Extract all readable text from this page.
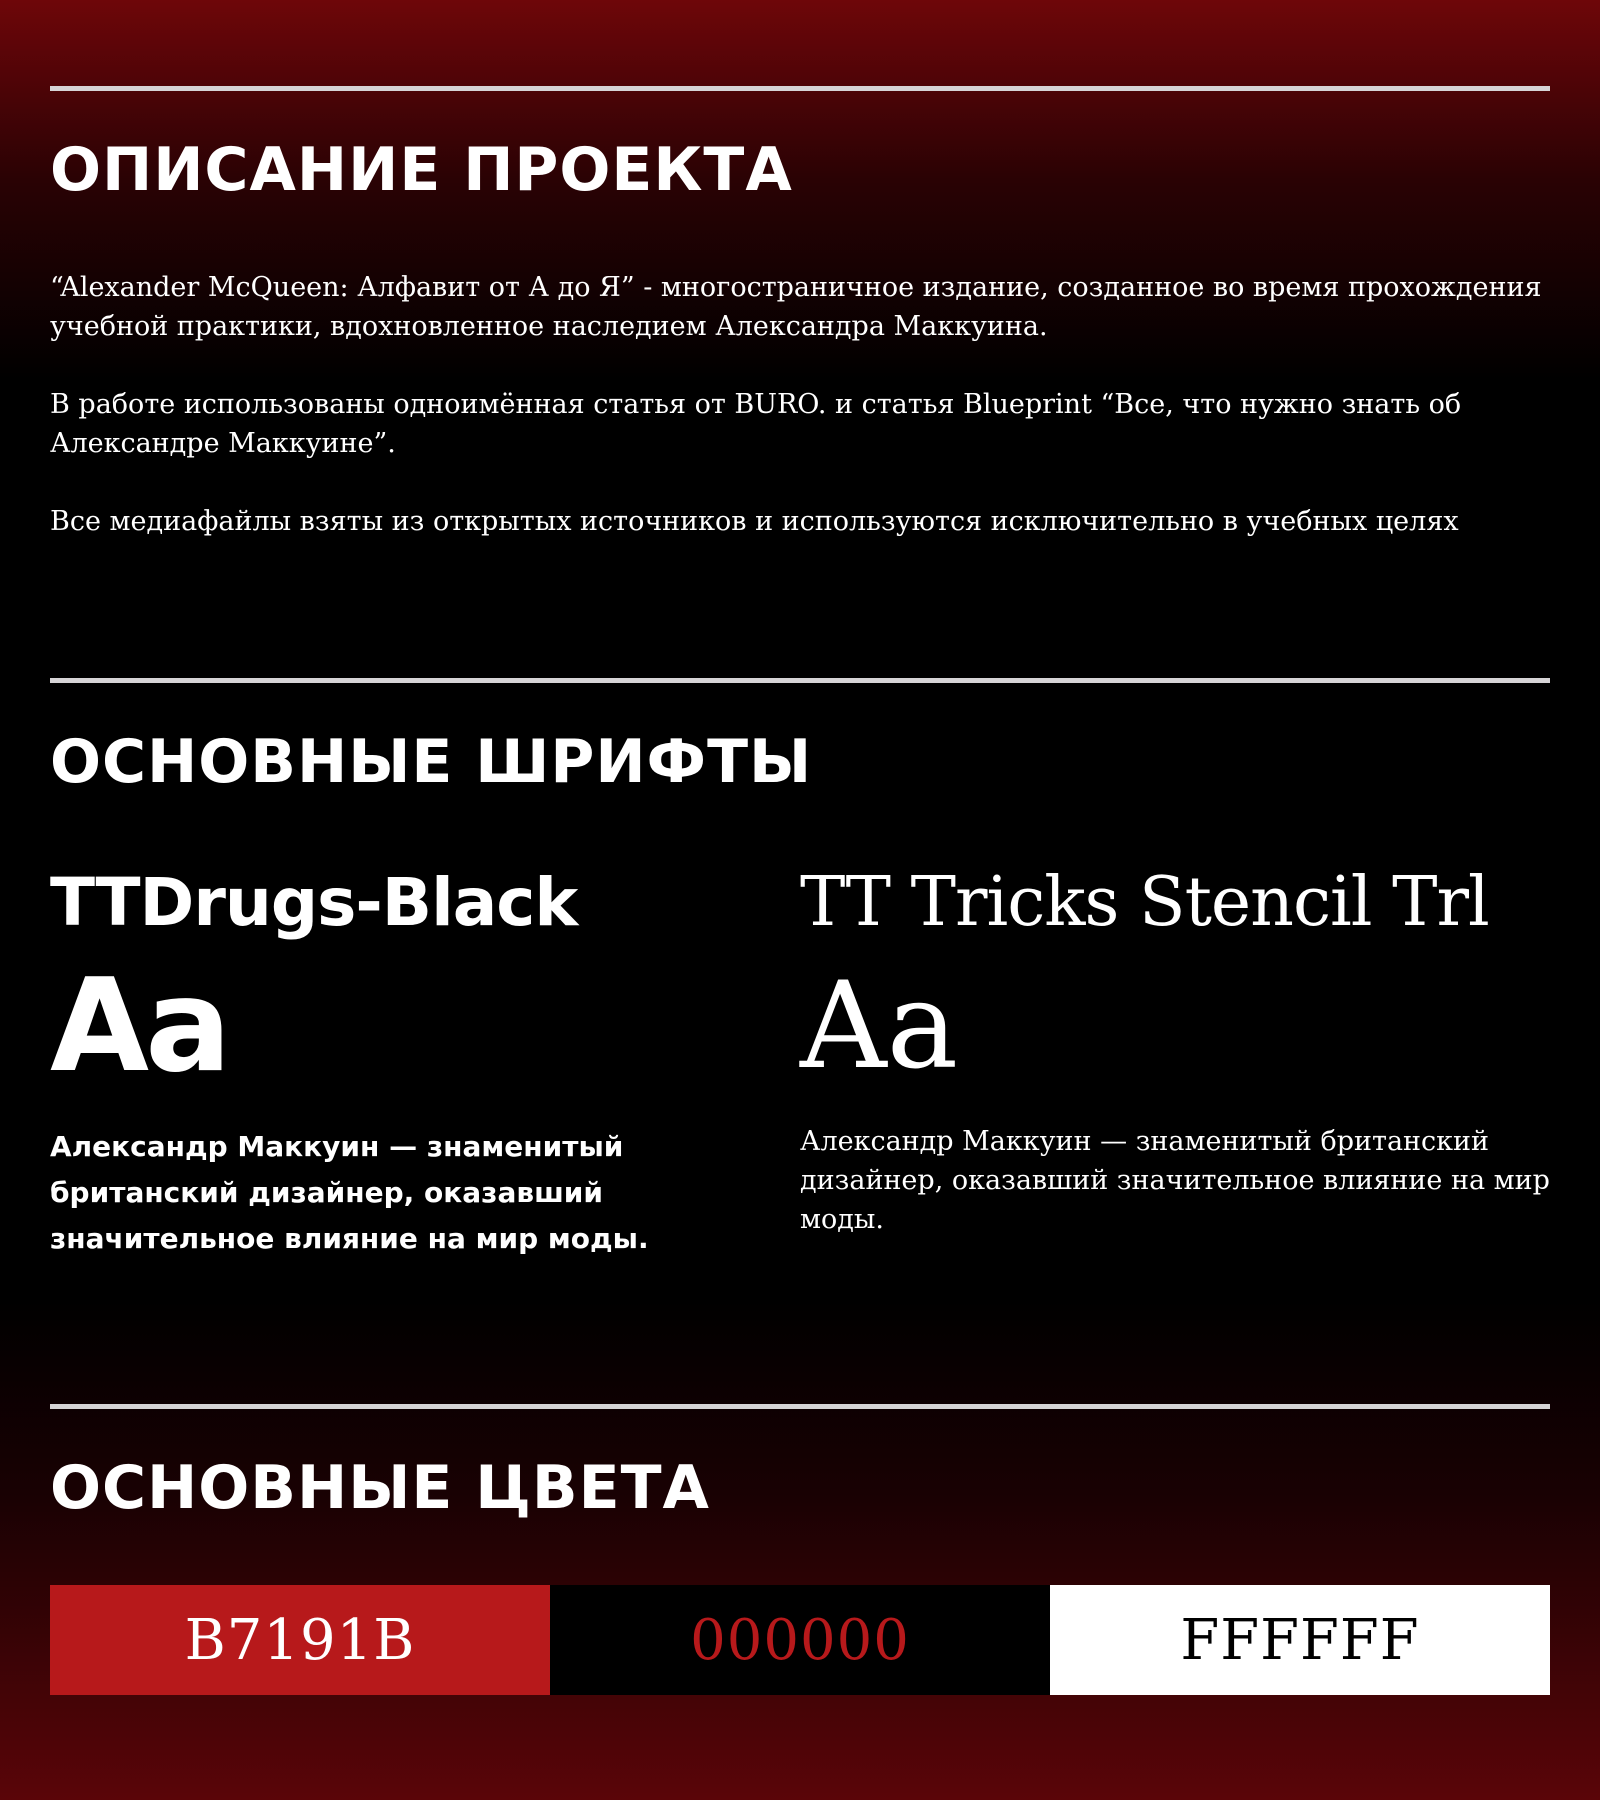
ОПИСАНИЕ ПРОЕКТА

“Alexander McQueen: Алфавит от А до Я” - многостраничное издание, созданное во время прохождения учебной практики, вдохновленное наследием Александра Маккуина.

В работе использованы одноимённая статья от BURO. и статья Blueprint “Все, что нужно знать об Александре Маккуине”.

Все медиафайлы взяты из открытых источников и используются исключительно в учебных целях

ОСНОВНЫЕ ШРИФТЫ
TTDrugs-Black
Aa
Александр Маккуин — знаменитый британский дизайнер, оказавший значительное влияние на мир моды.
TT Tricks Stencil Trl
Aa
Александр Маккуин — знаменитый британский дизайнер, оказавший значительное влияние на мир моды.
ОСНОВНЫЕ ЦВЕТА
B7191B	000000	FFFFFF
